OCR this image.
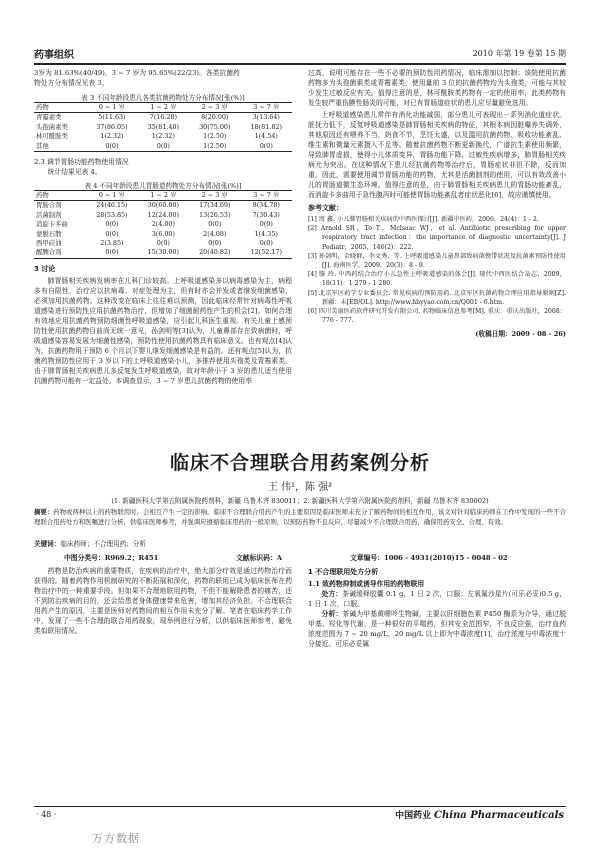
药事组织	2010 年第 19 卷第 15 期

3岁为 81.63%(40/49)，3 ~ 7 岁为 95.65%(22/23)。各类抗菌药

物处方分布情况见表 3。

表 3 不同年龄段患儿各类抗菌药物处方分布情况[张(%)]
药物	0 ~ 1 岁	1 ~ 2 岁	2 ~ 3 岁	3 ~ 7 岁
青霉素类	5(11.63)	7(16.28)	8(20.00)	3(13.64)
头孢菌素类	37(86.05)	35(81.40)	30(75.00)	18(81.82)
林可酰胺类	1(2.32)	1(2.32)	1(2.50)	1(4.54)
其他	0(0)	0(0)	1(2.50)	0(0)

2.3 调节胃肠功能药物使用情况

统计结果见表 4。

表 4 不同年龄段患儿胃肠道药物处方分布情况[张(%)]
药物	0 ~ 1 岁	1 ~ 2 岁	2 ~ 3 岁	3 ~ 7 岁
胃肠合剂	24(46.15)	30(60.00)	17(34.69)	8(34.78)
活菌制剂	28(53.85)	12(24.00)	13(26.53)	7(30.43)
消旋卡多曲	0(0)	2(4.00)	0(0)	0(0)
蒙脱石散	0(0)	3(6.00)	2(4.08)	1(4.35)
西甲硅油	2(3.85)	0(0)	0(0)	0(0)
醒脾合剂	0(0)	15(30.00)	20(40.82)	12(52.17)
3 讨论

肺胃肠相关疾病发病率在儿科门诊较高。上呼吸道感染多以病毒感染为主，病程多有自限性，治疗应以抗病毒、对症处理为主，但有时亦会并发或者继发细菌感染，必须加用抗菌药物。这种改变在临床上往往难以预测，因此临床经常针对病毒性呼吸道感染进行预防性应用抗菌药物治疗，但增加了细菌耐药性产生的机会[2]。如何合理有效地应用抗菌药物预防细菌性呼吸道感染，应引起儿科医生重视。有关儿童上感预防性使用抗菌药物目前尚无统一意见，孙剑明等[3]认为，儿童鼻部存在致病菌时，呼吸道感染容易发展为细菌性感染，预防性使用抗菌药物具有临床意义。也有观点[4]认为，抗菌药物用于预防 6 个月以下婴儿继发细菌感染是有益的。还有观点[5]认为，抗菌药物预防性应用于 3 岁以下的上呼吸道感染小儿，多推荐使用头孢类及青霉素类。由于肺胃肠相关疾病患儿多反复发生呼吸道感染，故对年龄小于 3 岁的患儿适当使用抗菌药物可能有一定益处。本调查显示，3 ~ 7 岁患儿抗菌药物的使用率

过高，说明可能存在一些不必要的预防性用药情况，临床需加以控制；该院使用抗菌药物多为头孢菌素类或青霉素类，使用量前 3 位的抗菌药物均为头孢类，可能与其较少发生过敏反应有关。值得注意的是，林可酰胺类药物有一定的使用率，此类药物有发生较严重伤膜性肠炎的可能，对已有胃肠道症状的患儿应尽量避免选用。

上呼吸道感染患儿常伴有消化功能减弱，部分患儿可表现出一系列消化道症状。脏抚力低下，反复呼吸道感染是肺胃肠相关疾病的特征，其根本病因脏曝养失调外，其他原因还有喂养不当，奶食不节，烹饪太盛，以及滥用抗菌药物、吸收功能紊乱、维生素和微量元素摄入不足等。随着抗菌药物不断更新换代，广谱抗生素使用频繁，导致肺胃虚损，使得小儿体质变异，胃肠功能下降，过敏性疾病增多，肺胃肠相关疾病尤为突出。在这种情况下患儿经抗菌药物等治疗后，胃肠症状非但不除，反而加重。因此，需要使用调节胃肠功能的药物，尤其是活菌制剂的使用，可以有效改善小儿的胃肠道微生态环境。值得注意的是，由于肺胃肠相关疾病患儿的胃肠功能紊乱，而消旋卡多曲用于急性腹泻时可能使胃肠功能紊乱者症状恶化[6]，故应谨慎使用。

参考文献：

[1] 周 鑫. 小儿肺胃肠相关疾病的中西医探讨[J]. 新疆中医药，2006，24(4)：1 - 2.

[2] Arnold SR，To T，Mclsaac WJ，et al. Antibiotic prescribing for upper respiratory tract infection：the importance of diagnostic uncertainty[J]. J Pediatr，2005，146(2)：222.

[3] 孙剑明，金晓群，李文秀，等. 上呼吸道感染儿童鼻部致病菌携带状况及抗菌素预防性使用[J]. 海南医学，2009，20(3)：8 - 9.

[4] 滕 玲. 中西药结合治疗小儿急性上呼吸道感染的体会[J]. 现代中西医结合杂志，2009，18(11)：1 279 - 1 280.

[5] 北京军区药学专业委员会. 常见疾病的预防用药. 北京军区抗菌药物合理应用指导原则[Z]. 新疆：未[EB/OL]. http://www.hbyyao.com.cn/Q001 - 6.htm.

[6] 四川美康医药软件研究开发有限公司. 药物临床信息参考[M]. 重庆：重庆出版社，2008：776 - 777.

(收稿日期：2009 - 08 - 26)
临床不合理联合用药案例分析
王 伟¹，陈 强²
(1. 新疆医科大学第五附属医院药剂科，新疆 乌鲁木齐 830011；2. 新疆医科大学第六附属医院药剂科，新疆 乌鲁木齐 830002)
摘要：药物或两种以上的药物联用时，会相互产生一定的影响。临床不合理联合用药产生的主要原因是临床医师未充分了解药物间的相互作用，该文对针对临床药师在工作中发现的一些不合理联合用药处方和医嘱进行分析，供临床医师参考，并强调应遵循临床用药的一般原则，以预防药物不良反应，尽量减少不合理联合用药，确保用药安全、合理、有效。
关键词：临床药师；不合理用药；分析
中图分类号：R969.2；R451	文献标识码：A	文章编号：1006 - 4931(2010)15 - 0048 - 02

药物是防治疾病的重要物质，在疾病的治疗中，绝大部分疗效是通过药物治疗而获得的。随着药物作用机制研究的不断拓展和深化，药物的联用已成为临床医师在药物治疗中的一种重要手段。但如果不合理地联用药物，不但不能解除患者的痛苦，还不到防治疾病的目的，还会给患者身体健康带来危害，增加其经济负担。不合理联合用药产生的原因，主要是医师对药物间的相互作用未充分了解。笔者在临床药学工作中，发现了一些不合理的联合用药现象，现举例进行分析，以供临床医师参考，避免类似联用情况。

1 不合理联用处方分析

1.1 致药物抑制或诱导作用的药物联用

处方：茶碱缓释胶囊 0.1 g，1 日 2 次，口服；左氧氟沙星片(可乐必妥)0.5 g，1 日 1 次，口服。

分析：茶碱为甲基黄嘌呤生物碱，主要以肝细胞色素 P450 酶系为介导，通过脱甲基、羟化等代谢，是一种很好的平喘药，但其安全范围窄，不良反应强，治疗血药浓度范围为 7 ~ 20 mg/L，20 mg/L 以上即为中毒浓度[1]，治疗浓度与中毒浓度十分接近。可乐必妥属

· 48 ·	中国药业 China Pharmaceuticals
万方数据
